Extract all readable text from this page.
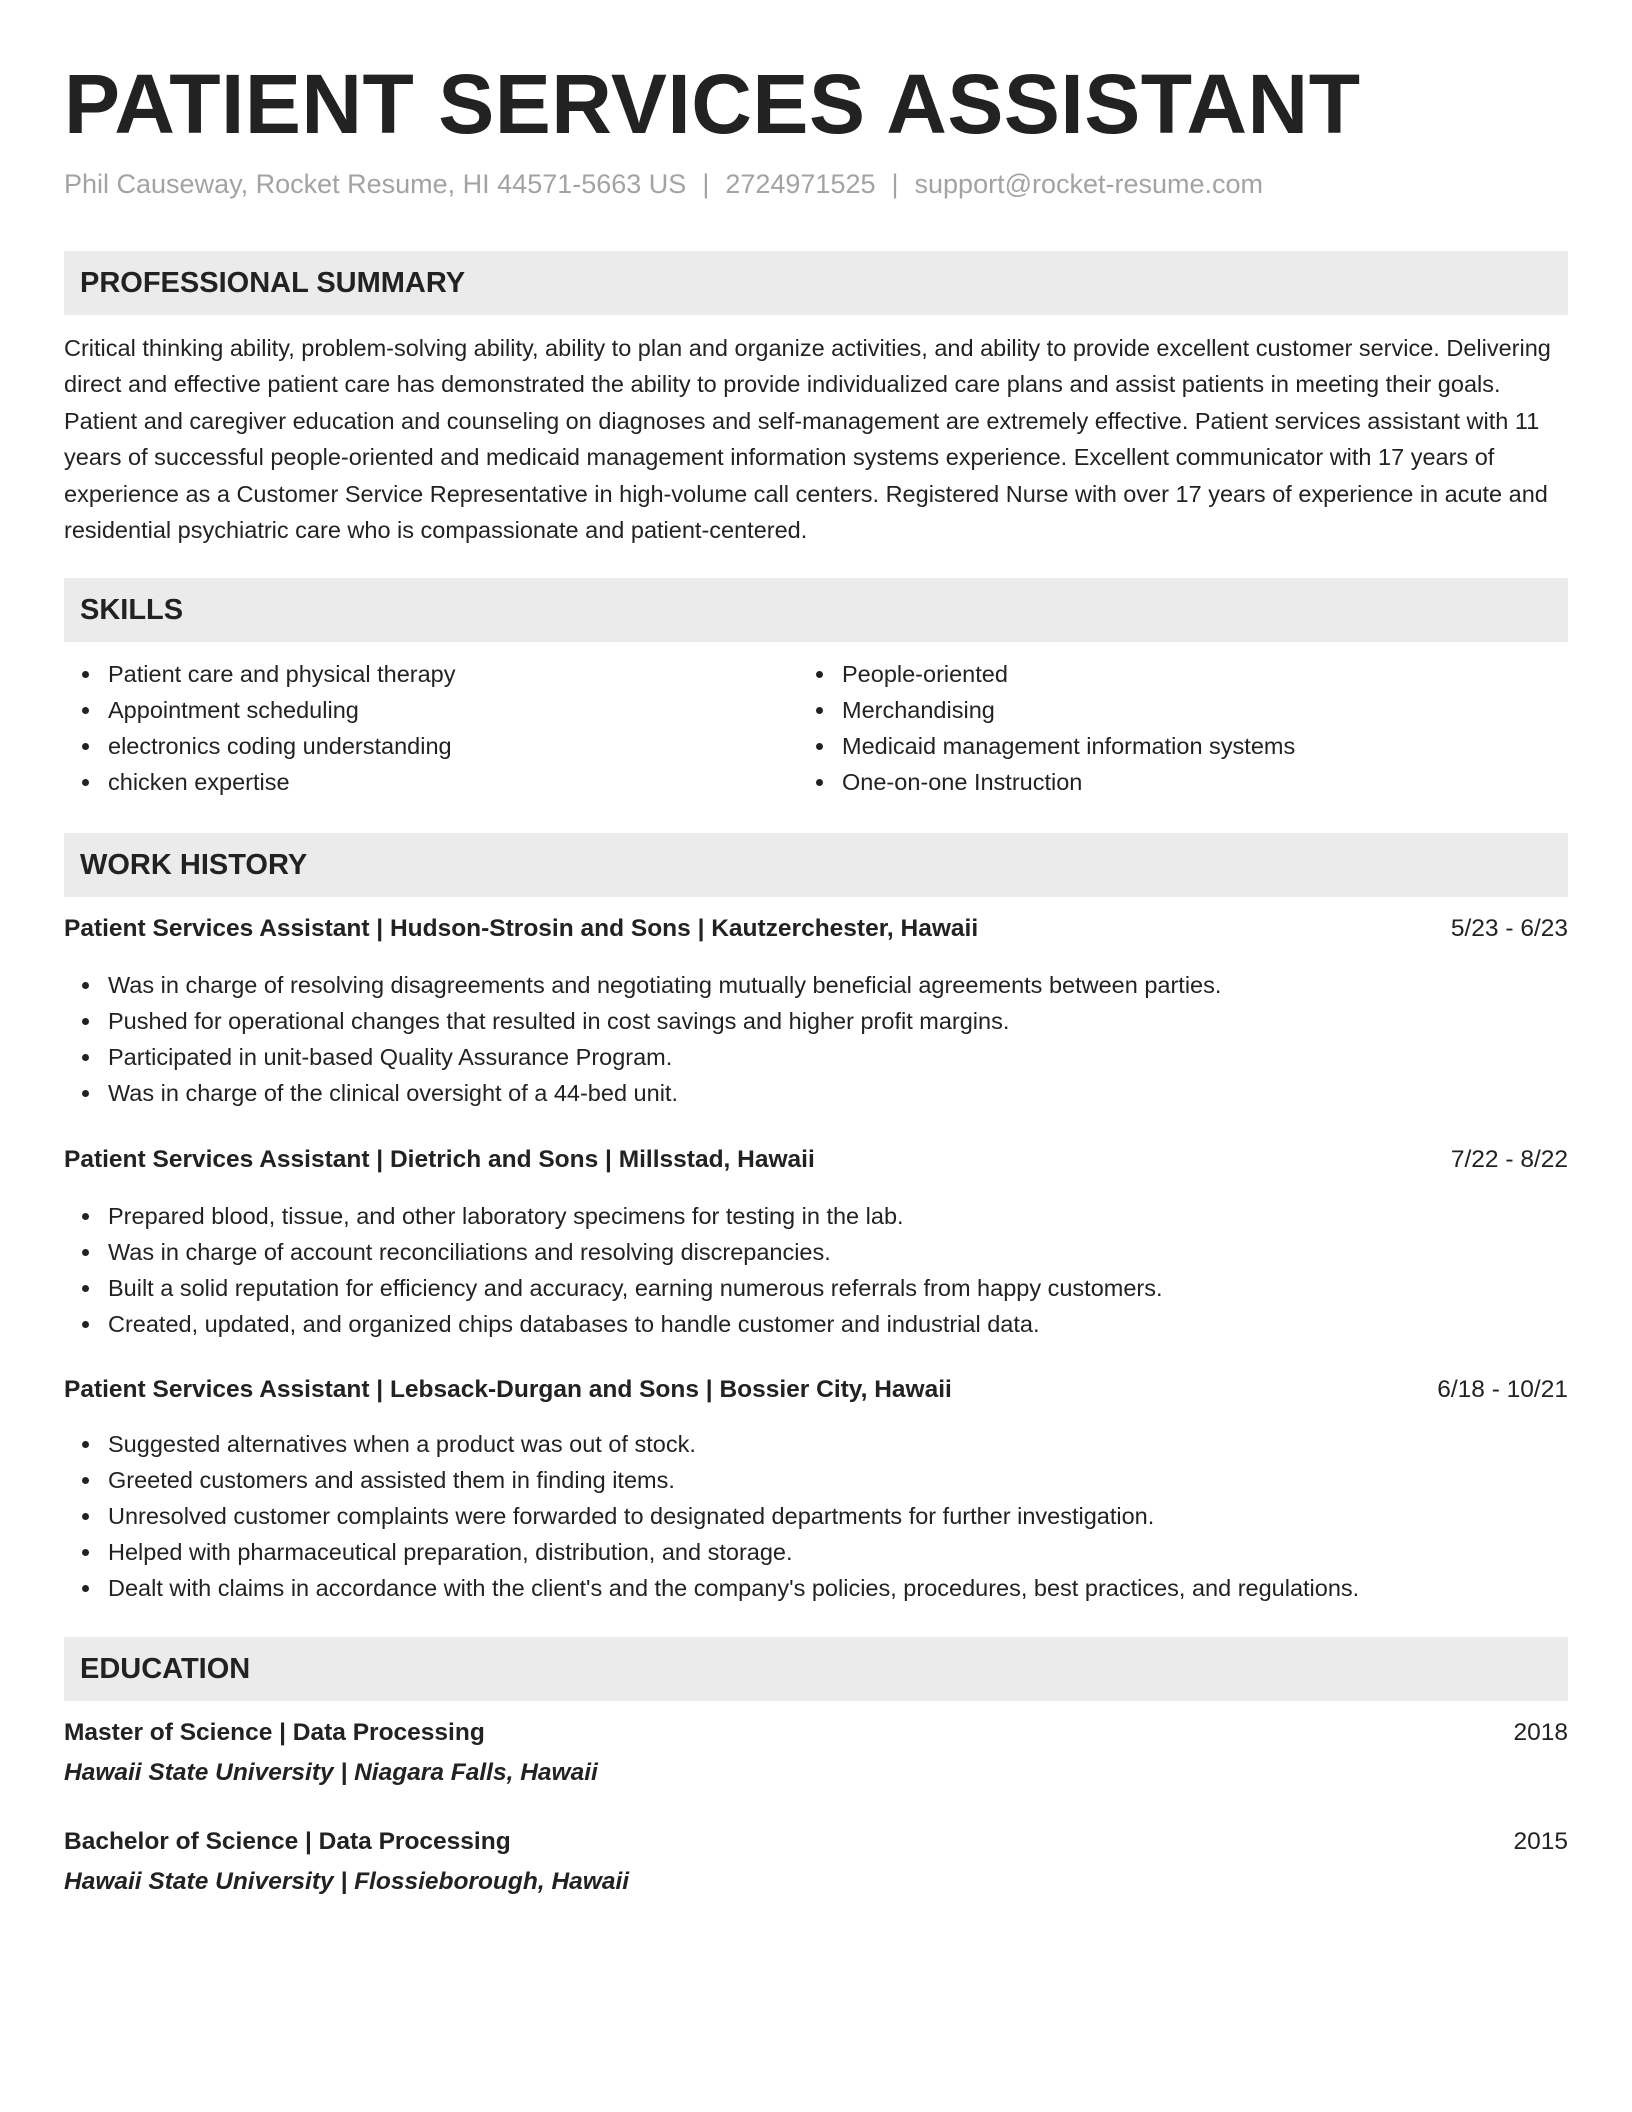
PATIENT SERVICES ASSISTANT
Phil Causeway, Rocket Resume, HI 44571-5663 US | 2724971525 | support@rocket-resume.com
PROFESSIONAL SUMMARY

Critical thinking ability, problem-solving ability, ability to plan and organize activities, and ability to provide excellent customer service. Delivering direct and effective patient care has demonstrated the ability to provide individualized care plans and assist patients in meeting their goals. Patient and caregiver education and counseling on diagnoses and self-management are extremely effective. Patient services assistant with 11 years of successful people-oriented and medicaid management information systems experience. Excellent communicator with 17 years of experience as a Customer Service Representative in high-volume call centers. Registered Nurse with over 17 years of experience in acute and residential psychiatric care who is compassionate and patient-centered.

SKILLS
Patient care and physical therapy
Appointment scheduling
electronics coding understanding
chicken expertise
People-oriented
Merchandising
Medicaid management information systems
One-on-one Instruction
WORK HISTORY
Patient Services Assistant | Hudson-Strosin and Sons | Kautzerchester, Hawaii	5/23 - 6/23
Was in charge of resolving disagreements and negotiating mutually beneficial agreements between parties.
Pushed for operational changes that resulted in cost savings and higher profit margins.
Participated in unit-based Quality Assurance Program.
Was in charge of the clinical oversight of a 44-bed unit.
Patient Services Assistant | Dietrich and Sons | Millsstad, Hawaii	7/22 - 8/22
Prepared blood, tissue, and other laboratory specimens for testing in the lab.
Was in charge of account reconciliations and resolving discrepancies.
Built a solid reputation for efficiency and accuracy, earning numerous referrals from happy customers.
Created, updated, and organized chips databases to handle customer and industrial data.
Patient Services Assistant | Lebsack-Durgan and Sons | Bossier City, Hawaii	6/18 - 10/21
Suggested alternatives when a product was out of stock.
Greeted customers and assisted them in finding items.
Unresolved customer complaints were forwarded to designated departments for further investigation.
Helped with pharmaceutical preparation, distribution, and storage.
Dealt with claims in accordance with the client's and the company's policies, procedures, best practices, and regulations.
EDUCATION
Master of Science | Data Processing	2018
Hawaii State University | Niagara Falls, Hawaii
Bachelor of Science | Data Processing	2015
Hawaii State University | Flossieborough, Hawaii
